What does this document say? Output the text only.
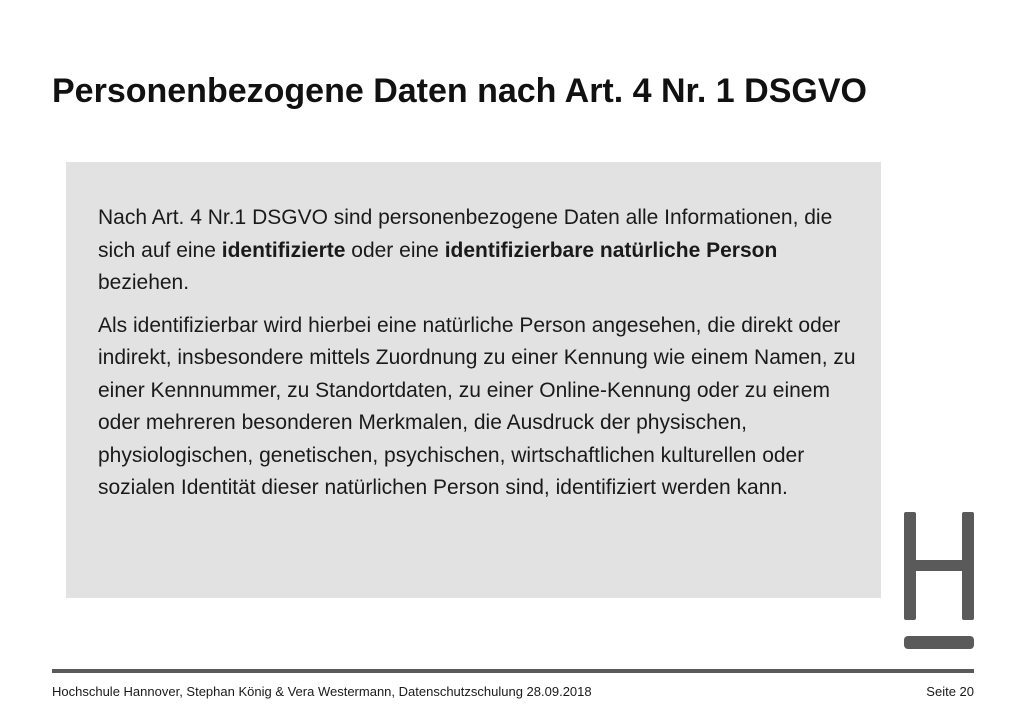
Personenbezogene Daten nach Art. 4 Nr. 1 DSGVO

Nach Art. 4 Nr.1 DSGVO sind personenbezogene Daten alle Informationen, die sich auf eine identifizierte oder eine identifizierbare natürliche Person beziehen.

Als identifizierbar wird hierbei eine natürliche Person angesehen, die direkt oder indirekt, insbesondere mittels Zuordnung zu einer Kennung wie einem Namen, zu einer Kennnummer, zu Standortdaten, zu einer Online-Kennung oder zu einem oder mehreren besonderen Merkmalen, die Ausdruck der physischen, physiologischen, genetischen, psychischen, wirtschaftlichen kulturellen oder sozialen Identität dieser natürlichen Person sind, identifiziert werden kann.

Hochschule Hannover, Stephan König & Vera Westermann, Datenschutzschulung 28.09.2018	Seite 20
